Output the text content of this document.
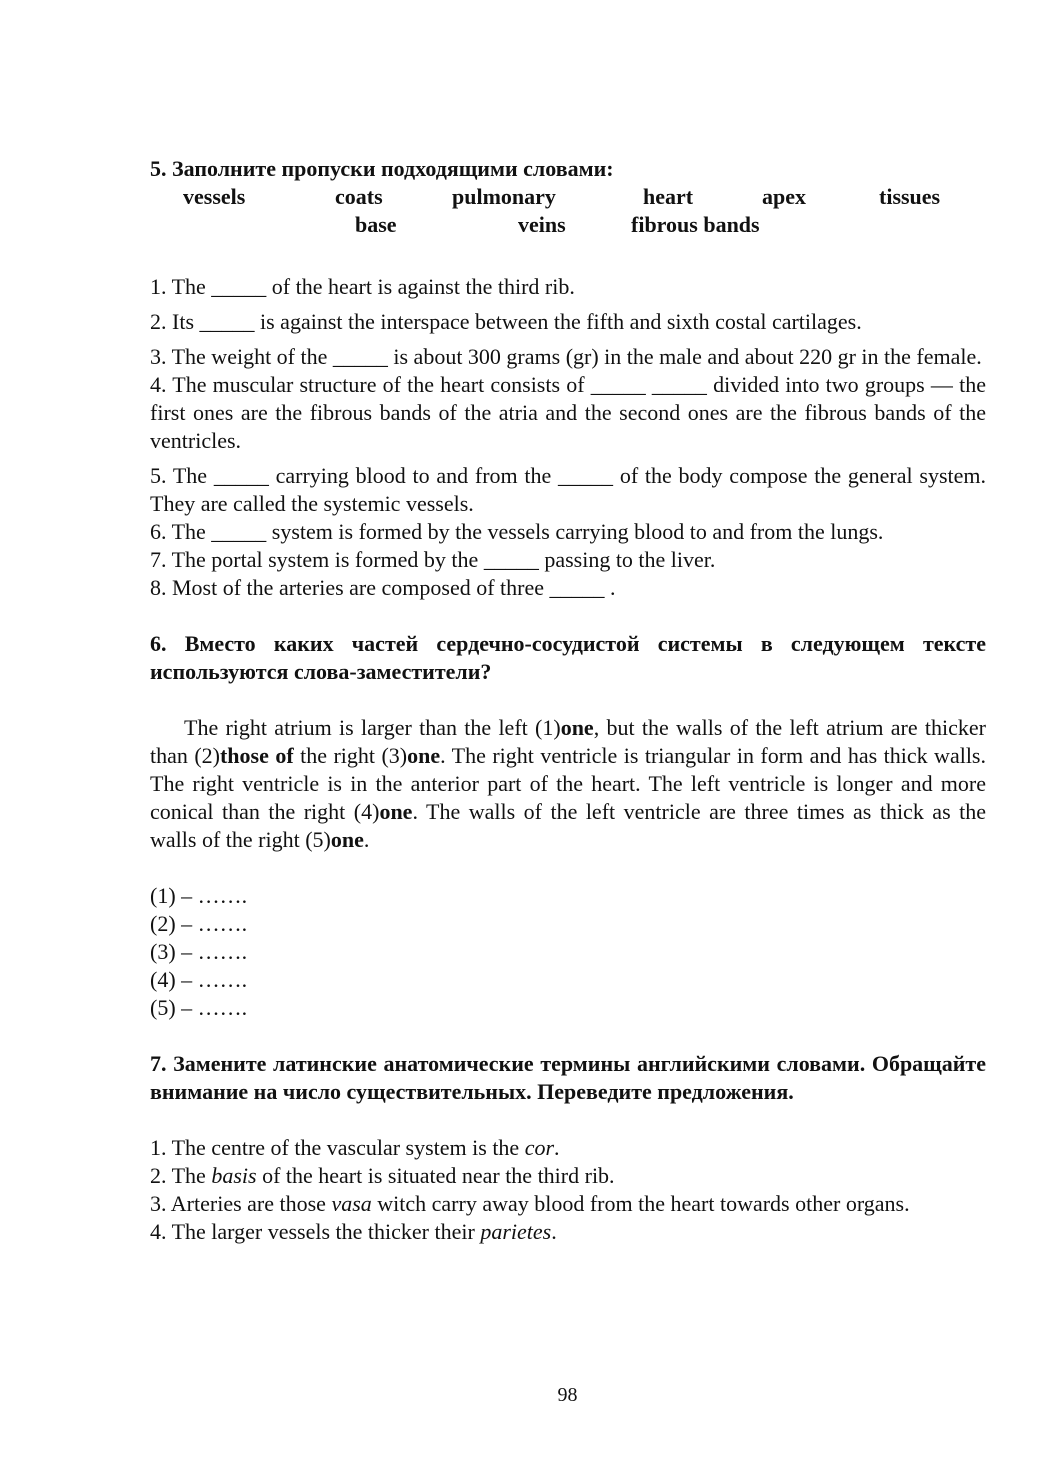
5. Заполните пропуски подходящими словами:
vessels	coats	pulmonary	heart	apex	tissues
base	veins	fibrous bands

1. The _____ of the heart is against the third rib.

2. Its _____ is against the interspace between the fifth and sixth costal cartilages.

3. The weight of the _____ is about 300 grams (gr) in the male and about 220 gr in the female.

4. The muscular structure of the heart consists of _____ _____ divided into two groups — the first ones are the fibrous bands of the atria and the second ones are the fibrous bands of the ventricles.

5. The _____ carrying blood to and from the _____ of the body compose the general system. They are called the systemic vessels.

6. The _____ system is formed by the vessels carrying blood to and from the lungs.

7. The portal system is formed by the _____ passing to the liver.

8. Most of the arteries are composed of three _____ .

6. Вместо каких частей сердечно-сосудистой системы в следующем тексте используются слова-заместители?

The right atrium is larger than the left (1)one, but the walls of the left atrium are thicker than (2)those of the right (3)one. The right ventricle is triangular in form and has thick walls. The right ventricle is in the anterior part of the heart. The left ventricle is longer and more conical than the right (4)one. The walls of the left ventricle are three times as thick as the walls of the right (5)one.

(1) – …….

(2) – …….

(3) – …….

(4) – …….

(5) – …….

7. Замените латинские анатомические термины английскими словами. Обращайте внимание на число существительных. Переведите предложения.

1. The centre of the vascular system is the cor.

2. The basis of the heart is situated near the third rib.

3. Arteries are those vasa witch carry away blood from the heart towards other organs.

4. The larger vessels the thicker their parietes.

98
